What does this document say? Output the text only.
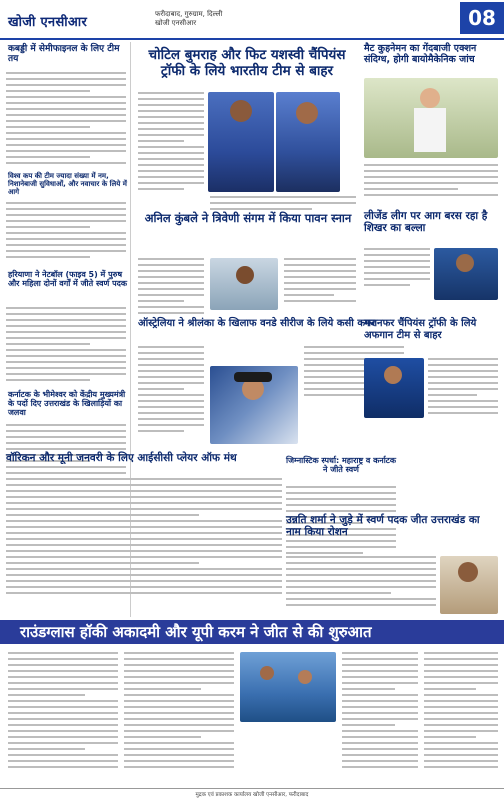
खोजी एनसीआर
फरीदाबाद, गुरुग्राम, दिल्ली
खोजी एनसीआर	08
कबड्डी में सेमीफाइनल के लिए टीम तय
विश्व कप की टीम ज्यादा संख्या में नम, निशानेबाजी सुविधाओं, और नवाचार के लिये में आगे
हरियाणा ने नेटबॉल (फाइव 5) में पुरुष और महिला दोनों वर्गों में जीते स्वर्ण पदक
कर्नाटक के भीमेश्वर को केंद्रीय मुख्यमंत्री के पदों दिए उत्तराखंड के खिलाड़ियों का जलवा
चोटिल बुमराह और फिट यशस्वी चैंपियंस ट्रॉफी के लिये भारतीय टीम से बाहर
अनिल कुंबले ने त्रिवेणी संगम में किया पावन स्नान
ऑस्ट्रेलिया ने श्रीलंका के खिलाफ वनडे सीरीज के लिये कसी कमर
जिम्नास्टिक स्पर्धा: महाराष्ट्र व कर्नाटक ने जीते स्वर्ण
वॉरिकन और मूनी जनवरी के लिए आईसीसी प्लेयर ऑफ मंथ
मैट कुहनेमन का गेंदबाजी एक्शन संदिग्ध, होगी बायोमैकेनिक जांच
लीजेंड लीग पर आग बरस रहा है शिखर का बल्ला
गजनफर चैंपियंस ट्रॉफी के लिये अफगान टीम से बाहर
उन्नति शर्मा ने जुड़े में स्वर्ण पदक जीत उत्तराखंड का नाम किया रोशन
राउंडग्लास हॉकी अकादमी और यूपी करम ने जीत से की शुरुआत
मुद्रक एवं प्रकाशक कार्यालय खोजी एनसीआर, फरीदाबाद
